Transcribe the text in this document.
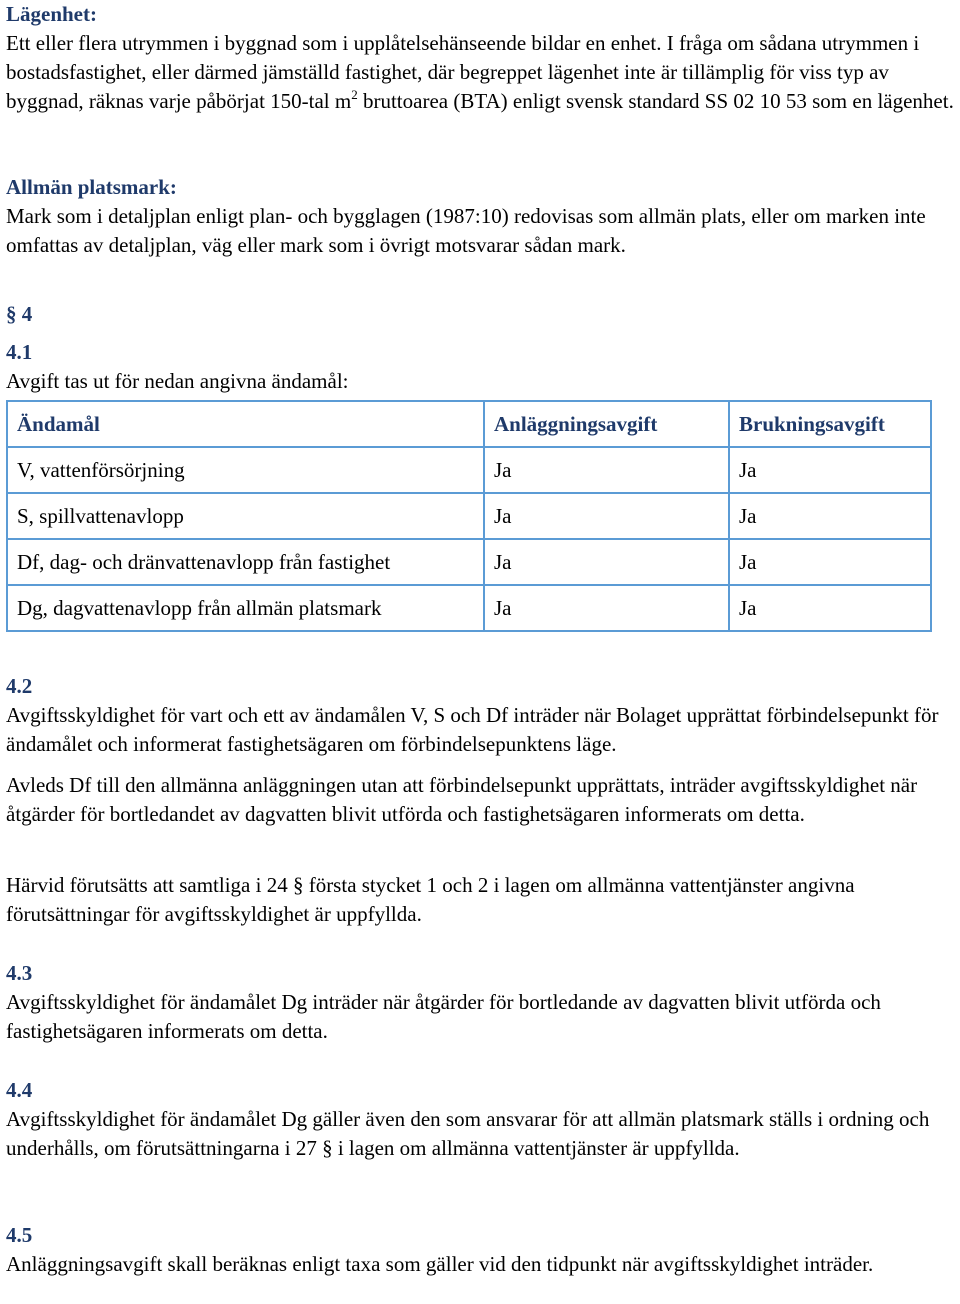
Lägenhet:

Ett eller flera utrymmen i byggnad som i upplåtelsehänseende bildar en enhet. I fråga om sådana utrymmen i bostadsfastighet, eller därmed jämställd fastighet, där begreppet lägenhet inte är tillämplig för viss typ av byggnad, räknas varje påbörjat 150-tal $m^2$ bruttoarea (BTA) enligt svensk standard SS 02 10 53 som en lägenhet.

Allmän platsmark:

Mark som i detaljplan enligt plan- och bygglagen (1987:10) redovisas som allmän plats, eller om marken inte omfattas av detaljplan, väg eller mark som i övrigt motsvarar sådan mark.

§ 4

4.1

Avgift tas ut för nedan angivna ändamål:

Ändamål	Anläggningsavgift	Brukningsavgift
V, vattenförsörjning	Ja	Ja
S, spillvattenavlopp	Ja	Ja
Df, dag- och dränvattenavlopp från fastighet	Ja	Ja
Dg, dagvattenavlopp från allmän platsmark	Ja	Ja

4.2

Avgiftsskyldighet för vart och ett av ändamålen V, S och Df inträder när Bolaget upprättat förbindelsepunkt för ändamålet och informerat fastighetsägaren om förbindelsepunktens läge.

Avleds Df till den allmänna anläggningen utan att förbindelsepunkt upprättats, inträder avgiftsskyldighet när åtgärder för bortledandet av dagvatten blivit utförda och fastighetsägaren informerats om detta.

Härvid förutsätts att samtliga i 24 § första stycket 1 och 2 i lagen om allmänna vattentjänster angivna förutsättningar för avgiftsskyldighet är uppfyllda.

4.3

Avgiftsskyldighet för ändamålet Dg inträder när åtgärder för bortledande av dagvatten blivit utförda och fastighetsägaren informerats om detta.

4.4

Avgiftsskyldighet för ändamålet Dg gäller även den som ansvarar för att allmän platsmark ställs i ordning och underhålls, om förutsättningarna i 27 § i lagen om allmänna vattentjänster är uppfyllda.

4.5

Anläggningsavgift skall beräknas enligt taxa som gäller vid den tidpunkt när avgiftsskyldighet inträder.
